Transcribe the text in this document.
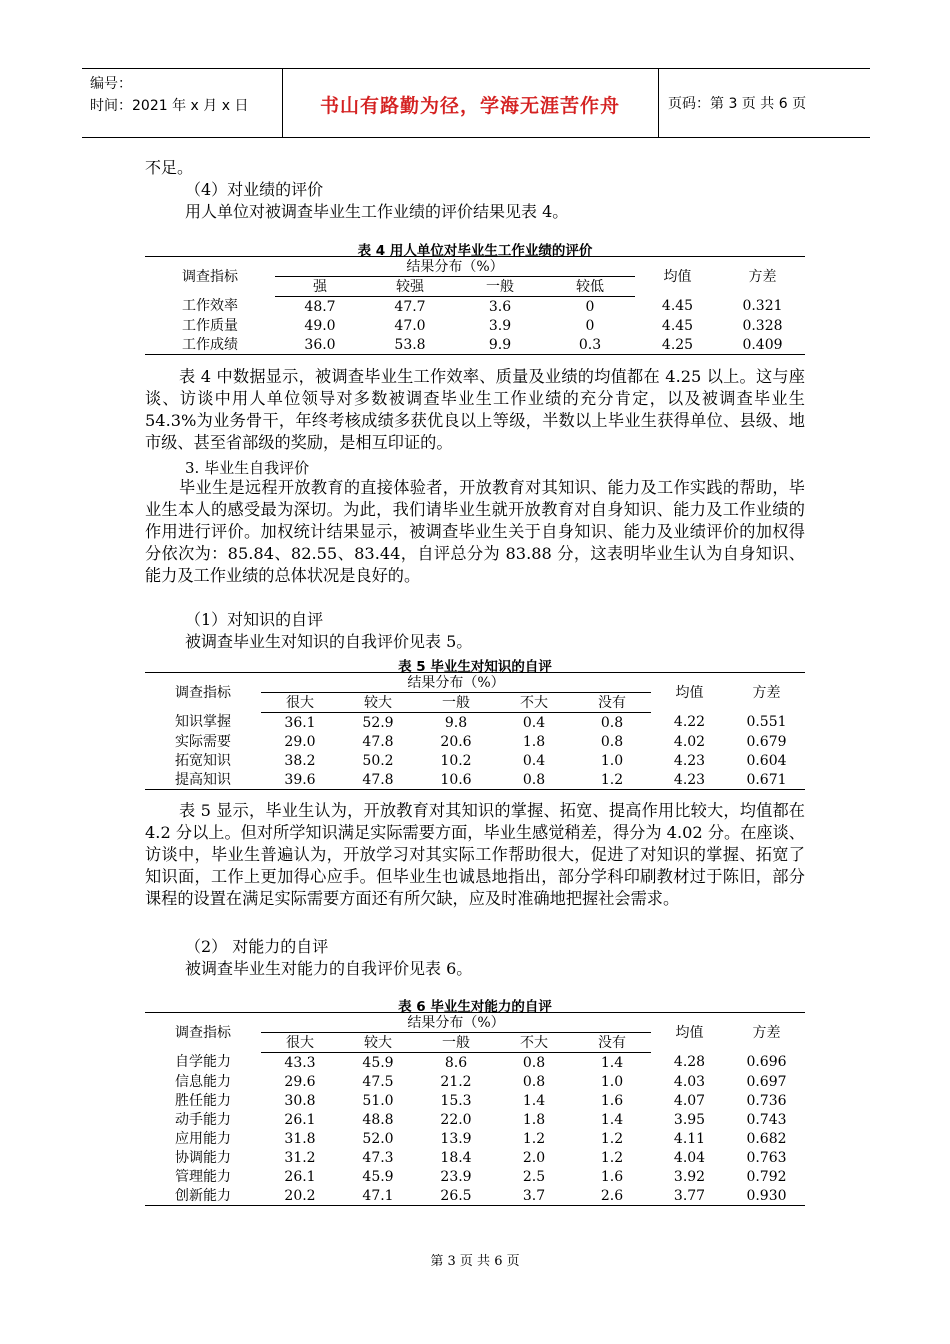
编号：
时间：2021 年 x 月 x 日	书山有路勤为径，学海无涯苦作舟	页码：第 3 页 共 6 页
不足。
（4）对业绩的评价
用人单位对被调查毕业生工作业绩的评价结果见表 4。
表 4 用人单位对毕业生工作业绩的评价
调查指标	结果分布（%）				均值	方差
	强	较强	一般	较低		
工作效率	48.7	47.7	3.6	0	4.45	0.321
工作质量	49.0	47.0	3.9	0	4.45	0.328
工作成绩	36.0	53.8	9.9	0.3	4.25	0.409
表 4 中数据显示，被调查毕业生工作效率、质量及业绩的均值都在 4.25 以上。这与座谈、访谈中用人单位领导对多数被调查毕业生工作业绩的充分肯定，以及被调查毕业生 54.3%为业务骨干，年终考核成绩多获优良以上等级，半数以上毕业生获得单位、县级、地市级、甚至省部级的奖励，是相互印证的。
3. 毕业生自我评价
毕业生是远程开放教育的直接体验者，开放教育对其知识、能力及工作实践的帮助，毕业生本人的感受最为深切。为此，我们请毕业生就开放教育对自身知识、能力及工作业绩的作用进行评价。加权统计结果显示，被调查毕业生关于自身知识、能力及业绩评价的加权得分依次为：85.84、82.55、83.44，自评总分为 83.88 分，这表明毕业生认为自身知识、能力及工作业绩的总体状况是良好的。
（1）对知识的自评
被调查毕业生对知识的自我评价见表 5。
表 5 毕业生对知识的自评
调查指标	结果分布（%）					均值	方差
	很大	较大	一般	不大	没有		
知识掌握	36.1	52.9	9.8	0.4	0.8	4.22	0.551
实际需要	29.0	47.8	20.6	1.8	0.8	4.02	0.679
拓宽知识	38.2	50.2	10.2	0.4	1.0	4.23	0.604
提高知识	39.6	47.8	10.6	0.8	1.2	4.23	0.671
表 5 显示，毕业生认为，开放教育对其知识的掌握、拓宽、提高作用比较大，均值都在 4.2 分以上。但对所学知识满足实际需要方面，毕业生感觉稍差，得分为 4.02 分。在座谈、访谈中，毕业生普遍认为，开放学习对其实际工作帮助很大，促进了对知识的掌握、拓宽了知识面，工作上更加得心应手。但毕业生也诚恳地指出，部分学科印刷教材过于陈旧，部分课程的设置在满足实际需要方面还有所欠缺，应及时准确地把握社会需求。
（2） 对能力的自评
被调查毕业生对能力的自我评价见表 6。
表 6 毕业生对能力的自评
调查指标	结果分布（%）					均值	方差
	很大	较大	一般	不大	没有		
自学能力	43.3	45.9	8.6	0.8	1.4	4.28	0.696
信息能力	29.6	47.5	21.2	0.8	1.0	4.03	0.697
胜任能力	30.8	51.0	15.3	1.4	1.6	4.07	0.736
动手能力	26.1	48.8	22.0	1.8	1.4	3.95	0.743
应用能力	31.8	52.0	13.9	1.2	1.2	4.11	0.682
协调能力	31.2	47.3	18.4	2.0	1.2	4.04	0.763
管理能力	26.1	45.9	23.9	2.5	1.6	3.92	0.792
创新能力	20.2	47.1	26.5	3.7	2.6	3.77	0.930
第 3 页 共 6 页
